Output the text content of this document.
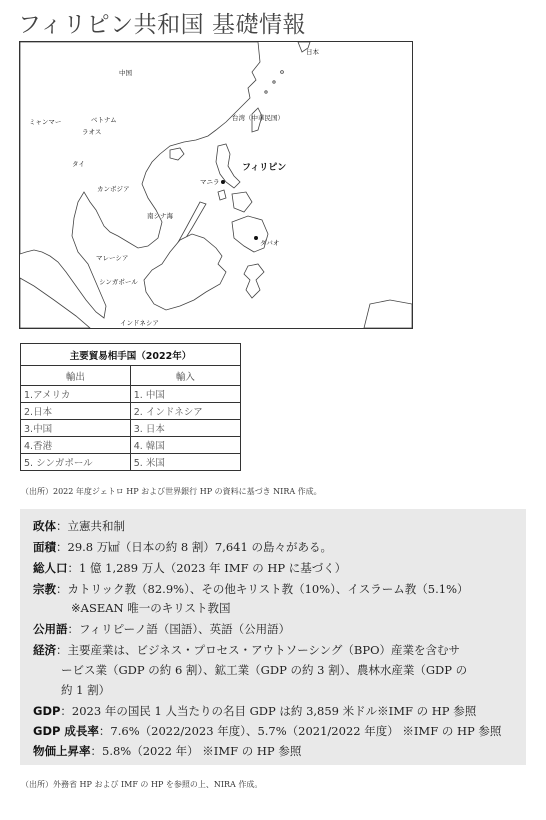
フィリピン共和国 基礎情報
中国
日本
ミャンマー	ベトナム
ラオス
台湾（中華民国）
タイ	フィリピン
マニラ
カンボジア
南シナ海
ダバオ
マレーシア
シンガポール
インドネシア
主要貿易相手国（2022年）	
輸出	輸入
1.アメリカ	1. 中国
2.日本	2. インドネシア
3.中国	3. 日本
4.香港	4. 韓国
5. シンガポール	5. 米国
（出所）2022 年度ジェトロ HP および世界銀行 HP の資料に基づき NIRA 作成。
政体：立憲共和制
面積：29.8 万㎢（日本の約 8 割）7,641 の島々がある。
総人口：1 億 1,289 万人（2023 年 IMF の HP に基づく）
宗教：カトリック教（82.9%）、その他キリスト教（10%）、イスラーム教（5.1%）
※ASEAN 唯一のキリスト教国
公用語：フィリピーノ語（国語）、英語（公用語）
経済：主要産業は、ビジネス・プロセス・アウトソーシング（BPO）産業を含むサ
ービス業（GDP の約 6 割）、鉱工業（GDP の約 3 割）、農林水産業（GDP の
約 1 割）
GDP：2023 年の国民 1 人当たりの名目 GDP は約 3,859 米ドル※IMF の HP 参照
GDP 成長率：7.6%（2022/2023 年度）、5.7%（2021/2022 年度） ※IMF の HP 参照
物価上昇率：5.8%（2022 年） ※IMF の HP 参照
（出所）外務省 HP および IMF の HP を参照の上、NIRA 作成。
